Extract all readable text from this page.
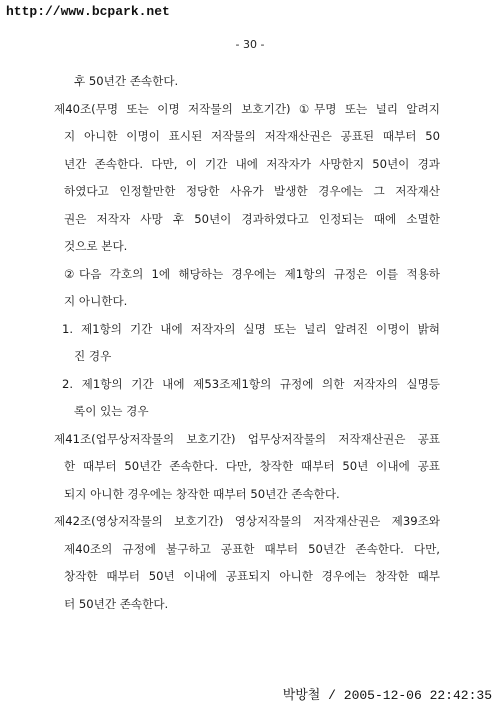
http://www.bcpark.net
- 30 -
후 50년간 존속한다.
제40조(무명 또는 이명 저작물의 보호기간) ①무명 또는 널리 알려지
지 아니한 이명이 표시된 저작물의 저작재산권은 공표된 때부터 50
년간 존속한다. 다만, 이 기간 내에 저작자가 사망한지 50년이 경과
하였다고 인정할만한 정당한 사유가 발생한 경우에는 그 저작재산
권은 저작자 사망 후 50년이 경과하였다고 인정되는 때에 소멸한
것으로 본다.
②다음 각호의 1에 해당하는 경우에는 제1항의 규정은 이를 적용하
지 아니한다.
1. 제1항의 기간 내에 저작자의 실명 또는 널리 알려진 이명이 밝혀
진 경우
2. 제1항의 기간 내에 제53조제1항의 규정에 의한 저작자의 실명등
록이 있는 경우
제41조(업무상저작물의 보호기간) 업무상저작물의 저작재산권은 공표
한 때부터 50년간 존속한다. 다만, 창작한 때부터 50년 이내에 공표
되지 아니한 경우에는 창작한 때부터 50년간 존속한다.
제42조(영상저작물의 보호기간) 영상저작물의 저작재산권은 제39조와
제40조의 규정에 불구하고 공표한 때부터 50년간 존속한다. 다만,
창작한 때부터 50년 이내에 공표되지 아니한 경우에는 창작한 때부
터 50년간 존속한다.
박방철 / 2005-12-06 22:42:35
